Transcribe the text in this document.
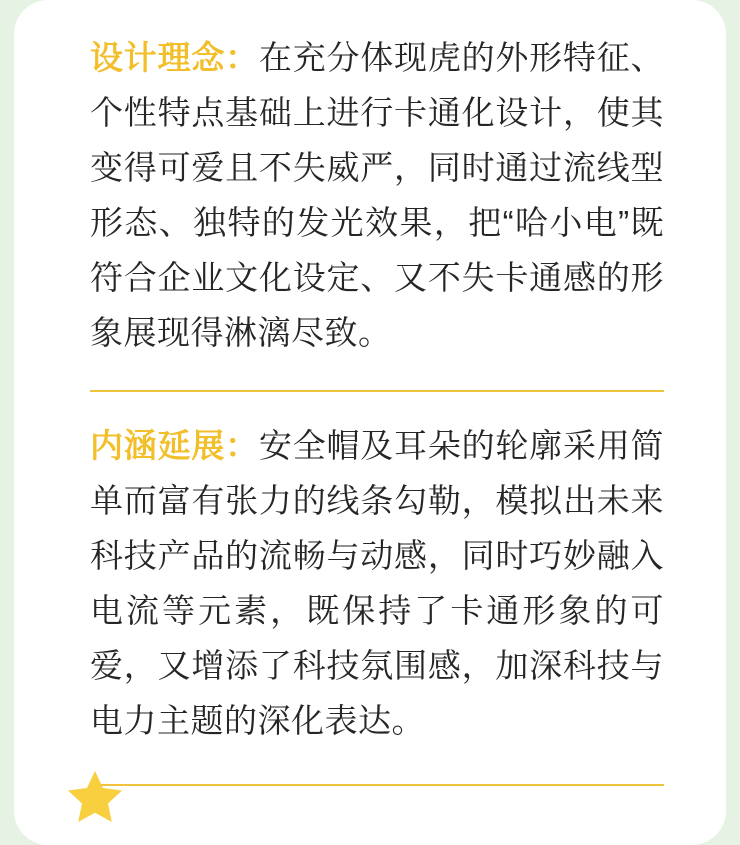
设计理念：在充分体现虎的外形特征、个性特点基础上进行卡通化设计，使其变得可爱且不失威严，同时通过流线型形态、独特的发光效果，把“哈小电”既符合企业文化设定、又不失卡通感的形象展现得淋漓尽致。

内涵延展：安全帽及耳朵的轮廓采用简单而富有张力的线条勾勒，模拟出未来科技产品的流畅与动感，同时巧妙融入电流等元素，既保持了卡通形象的可爱，又增添了科技氛围感，加深科技与电力主题的深化表达。
